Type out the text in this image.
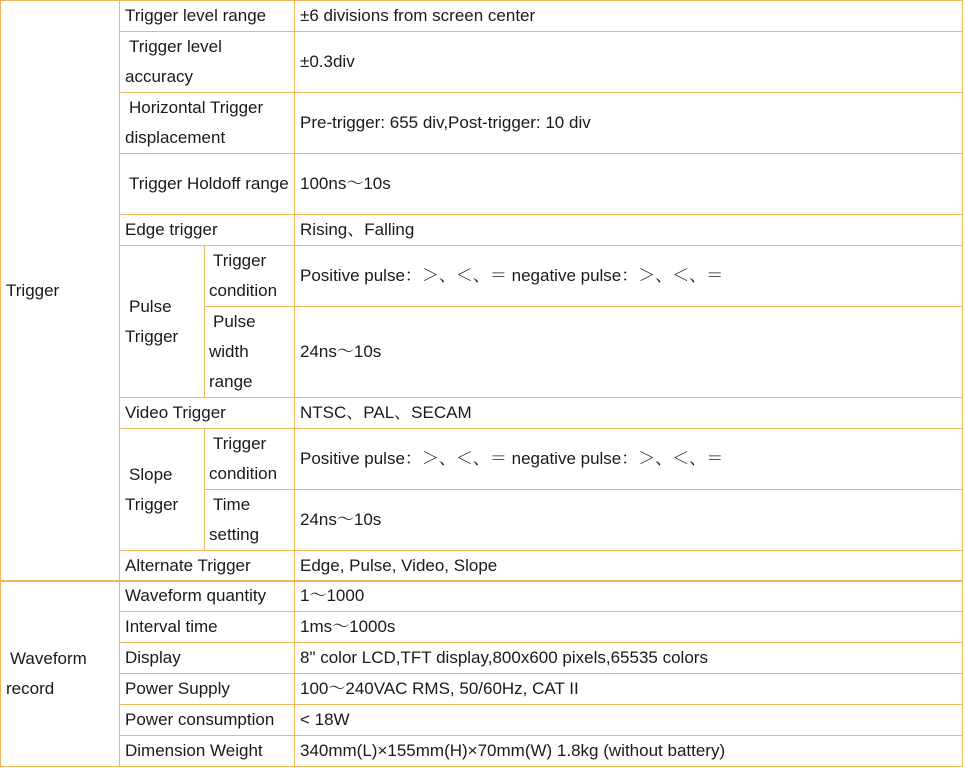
Trigger	Trigger level range		±6 divisions from screen center
	Trigger level accuracy		±0.3div
	Horizontal Trigger displacement		Pre-trigger: 655 div,Post-trigger: 10 div
	Trigger Holdoff range		100ns～10s
	Edge trigger		Rising、Falling
	Pulse Trigger	Trigger condition	Positive pulse：＞、＜、＝ negative pulse：＞、＜、＝
		Pulse width range	24ns～10s
	Video Trigger		NTSC、PAL、SECAM
	Slope Trigger	Trigger condition	Positive pulse：＞、＜、＝ negative pulse：＞、＜、＝
		Time setting	24ns～10s
	Alternate Trigger		Edge, Pulse, Video, Slope
Waveform record	Waveform quantity	1～1000
	Interval time	1ms～1000s
	Display	8" color LCD,TFT display,800x600 pixels,65535 colors
	Power Supply	100～240VAC RMS, 50/60Hz, CAT II
	Power consumption	< 18W
	Dimension Weight	340mm(L)×155mm(H)×70mm(W) 1.8kg (without battery)
